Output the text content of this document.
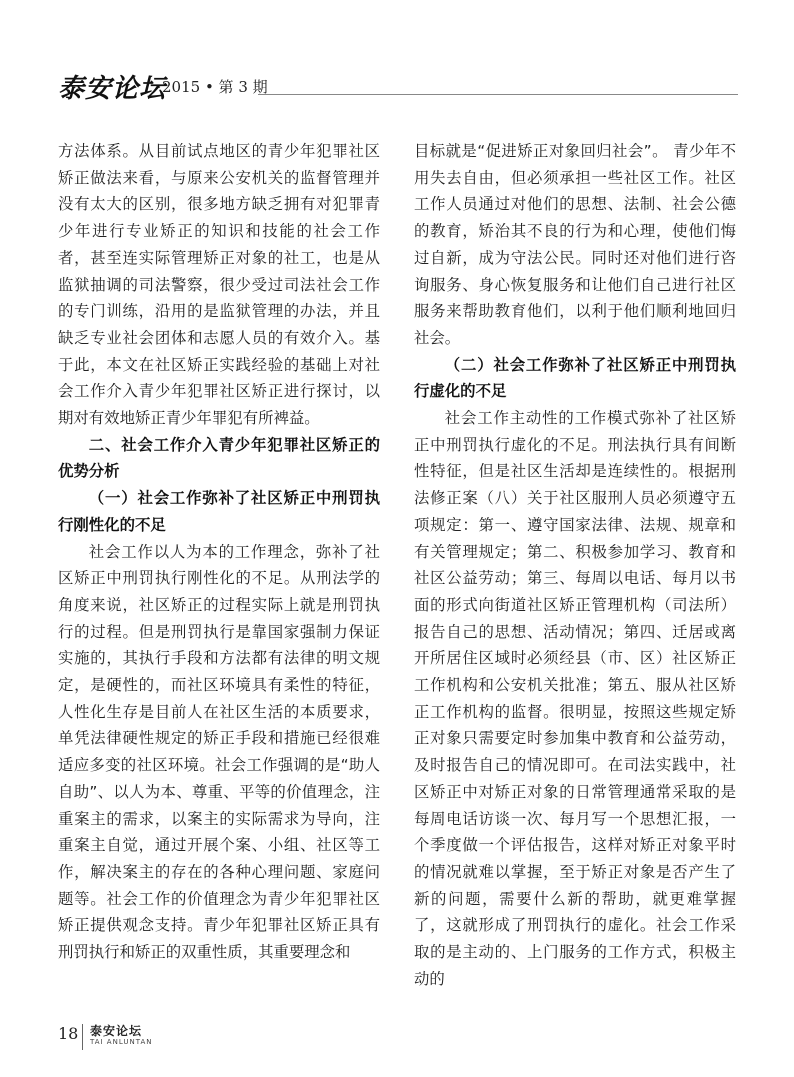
泰安论坛
2015 • 第 3 期

方法体系。从目前试点地区的青少年犯罪社区矫正做法来看，与原来公安机关的监督管理并没有太大的区别，很多地方缺乏拥有对犯罪青少年进行专业矫正的知识和技能的社会工作者，甚至连实际管理矫正对象的社工，也是从监狱抽调的司法警察，很少受过司法社会工作的专门训练，沿用的是监狱管理的办法，并且缺乏专业社会团体和志愿人员的有效介入。基于此，本文在社区矫正实践经验的基础上对社会工作介入青少年犯罪社区矫正进行探讨，以期对有效地矫正青少年罪犯有所裨益。

二、社会工作介入青少年犯罪社区矫正的优势分析

（一）社会工作弥补了社区矫正中刑罚执行刚性化的不足

社会工作以人为本的工作理念，弥补了社区矫正中刑罚执行刚性化的不足。从刑法学的角度来说，社区矫正的过程实际上就是刑罚执行的过程。但是刑罚执行是靠国家强制力保证实施的，其执行手段和方法都有法律的明文规定，是硬性的，而社区环境具有柔性的特征，人性化生存是目前人在社区生活的本质要求，单凭法律硬性规定的矫正手段和措施已经很难适应多变的社区环境。社会工作强调的是“助人自助”、以人为本、尊重、平等的价值理念，注重案主的需求，以案主的实际需求为导向，注重案主自觉，通过开展个案、小组、社区等工作，解决案主的存在的各种心理问题、家庭问题等。社会工作的价值理念为青少年犯罪社区矫正提供观念支持。青少年犯罪社区矫正具有刑罚执行和矫正的双重性质，其重要理念和

目标就是“促进矫正对象回归社会”。 青少年不用失去自由，但必须承担一些社区工作。社区工作人员通过对他们的思想、法制、社会公德的教育，矫治其不良的行为和心理，使他们悔过自新，成为守法公民。同时还对他们进行咨询服务、身心恢复服务和让他们自己进行社区服务来帮助教育他们，以利于他们顺利地回归社会。

（二）社会工作弥补了社区矫正中刑罚执行虚化的不足

社会工作主动性的工作模式弥补了社区矫正中刑罚执行虚化的不足。刑法执行具有间断性特征，但是社区生活却是连续性的。根据刑法修正案（八）关于社区服刑人员必须遵守五项规定：第一、遵守国家法律、法规、规章和有关管理规定；第二、积极参加学习、教育和社区公益劳动；第三、每周以电话、每月以书面的形式向街道社区矫正管理机构（司法所）报告自己的思想、活动情况；第四、迁居或离开所居住区域时必须经县（市、区）社区矫正工作机构和公安机关批准；第五、服从社区矫正工作机构的监督。很明显，按照这些规定矫正对象只需要定时参加集中教育和公益劳动，及时报告自己的情况即可。在司法实践中，社区矫正中对矫正对象的日常管理通常采取的是每周电话访谈一次、每月写一个思想汇报，一个季度做一个评估报告，这样对矫正对象平时的情况就难以掌握，至于矫正对象是否产生了新的问题，需要什么新的帮助，就更难掌握了，这就形成了刑罚执行的虚化。社会工作采取的是主动的、上门服务的工作方式，积极主动的

18 泰安论坛
TAI ANLUNTAN
